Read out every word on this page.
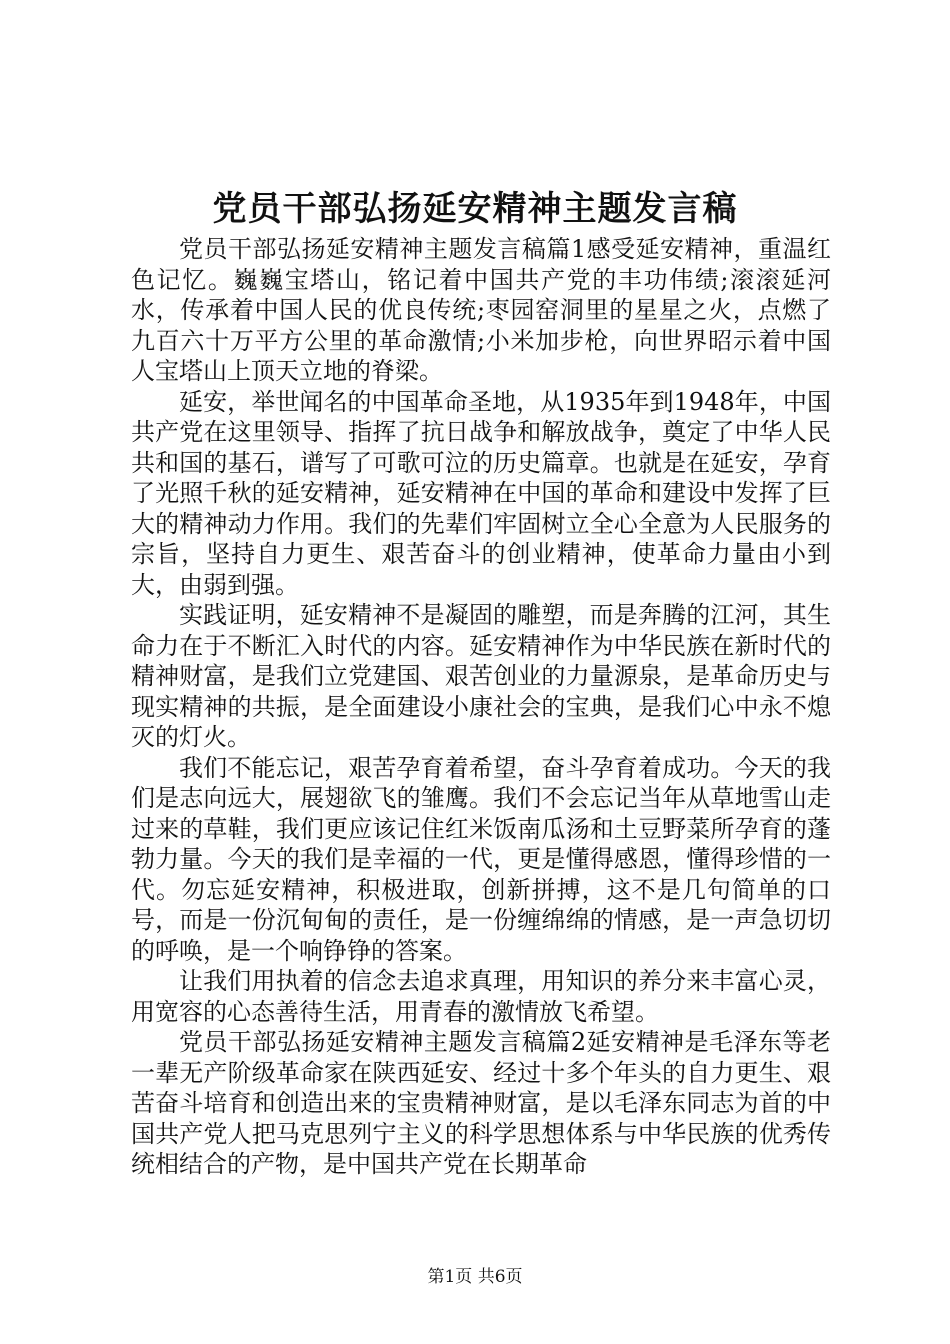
党员干部弘扬延安精神主题发言稿

党员干部弘扬延安精神主题发言稿篇1感受延安精神，重温红色记忆。巍巍宝塔山，铭记着中国共产党的丰功伟绩;滚滚延河水，传承着中国人民的优良传统;枣园窑洞里的星星之火，点燃了九百六十万平方公里的革命激情;小米加步枪，向世界昭示着中国人宝塔山上顶天立地的脊梁。

延安，举世闻名的中国革命圣地，从1935年到1948年，中国共产党在这里领导、指挥了抗日战争和解放战争，奠定了中华人民共和国的基石，谱写了可歌可泣的历史篇章。也就是在延安，孕育了光照千秋的延安精神，延安精神在中国的革命和建设中发挥了巨大的精神动力作用。我们的先辈们牢固树立全心全意为人民服务的宗旨，坚持自力更生、艰苦奋斗的创业精神，使革命力量由小到大，由弱到强。

实践证明，延安精神不是凝固的雕塑，而是奔腾的江河，其生命力在于不断汇入时代的内容。延安精神作为中华民族在新时代的精神财富，是我们立党建国、艰苦创业的力量源泉，是革命历史与现实精神的共振，是全面建设小康社会的宝典，是我们心中永不熄灭的灯火。

我们不能忘记，艰苦孕育着希望，奋斗孕育着成功。今天的我们是志向远大，展翅欲飞的雏鹰。我们不会忘记当年从草地雪山走过来的草鞋，我们更应该记住红米饭南瓜汤和土豆野菜所孕育的蓬勃力量。今天的我们是幸福的一代，更是懂得感恩，懂得珍惜的一代。勿忘延安精神，积极进取，创新拼搏，这不是几句简单的口号，而是一份沉甸甸的责任，是一份缠绵绵的情感，是一声急切切的呼唤，是一个响铮铮的答案。

让我们用执着的信念去追求真理，用知识的养分来丰富心灵，用宽容的心态善待生活，用青春的激情放飞希望。

党员干部弘扬延安精神主题发言稿篇2延安精神是毛泽东等老一辈无产阶级革命家在陕西延安、经过十多个年头的自力更生、艰苦奋斗培育和创造出来的宝贵精神财富，是以毛泽东同志为首的中国共产党人把马克思列宁主义的科学思想体系与中华民族的优秀传统相结合的产物，是中国共产党在长期革命

第1页 共6页
